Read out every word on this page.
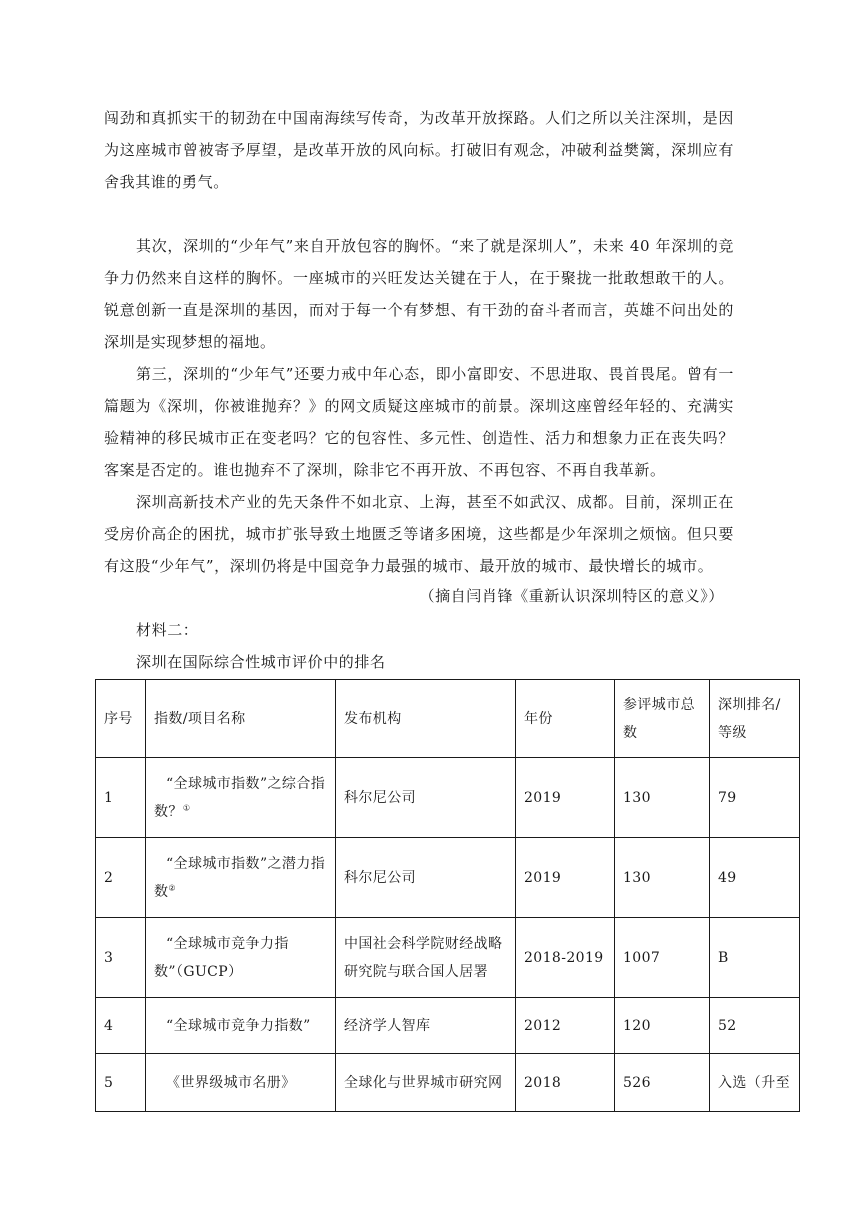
闯劲和真抓实干的韧劲在中国南海续写传奇，为改革开放探路。人们之所以关注深圳，是因为这座城市曾被寄予厚望，是改革开放的风向标。打破旧有观念，冲破利益樊篱，深圳应有舍我其谁的勇气。

其次，深圳的“少年气”来自开放包容的胸怀。“来了就是深圳人”，未来 40 年深圳的竞争力仍然来自这样的胸怀。一座城市的兴旺发达关键在于人，在于聚拢一批敢想敢干的人。锐意创新一直是深圳的基因，而对于每一个有梦想、有干劲的奋斗者而言，英雄不问出处的深圳是实现梦想的福地。

第三，深圳的“少年气”还要力戒中年心态，即小富即安、不思进取、畏首畏尾。曾有一篇题为《深圳，你被谁抛弃？》的网文质疑这座城市的前景。深圳这座曾经年轻的、充满实验精神的移民城市正在变老吗？它的包容性、多元性、创造性、活力和想象力正在丧失吗？客案是否定的。谁也抛弃不了深圳，除非它不再开放、不再包容、不再自我革新。

深圳高新技术产业的先天条件不如北京、上海，甚至不如武汉、成都。目前，深圳正在受房价高企的困扰，城市扩张导致土地匮乏等诸多困境，这些都是少年深圳之烦恼。但只要有这股“少年气”，深圳仍将是中国竞争力最强的城市、最开放的城市、最快增长的城市。

（摘自闫肖锋《重新认识深圳特区的意义》）
材料二：
深圳在国际综合性城市评价中的排名
序号	指数/项目名称	发布机构	年份	参评城市总数	深圳排名/等级
1	“全球城市指数”之综合指数？①	科尔尼公司	2019	130	79
2	“全球城市指数”之潜力指数②	科尔尼公司	2019	130	49
3	“全球城市竞争力指数”（GUCP）	中国社会科学院财经战略研究院与联合国人居署	2018-2019	1007	B
4	“全球城市竞争力指数”	经济学人智库	2012	120	52
5	《世界级城市名册》	全球化与世界城市研究网	2018	526	入选（升至
